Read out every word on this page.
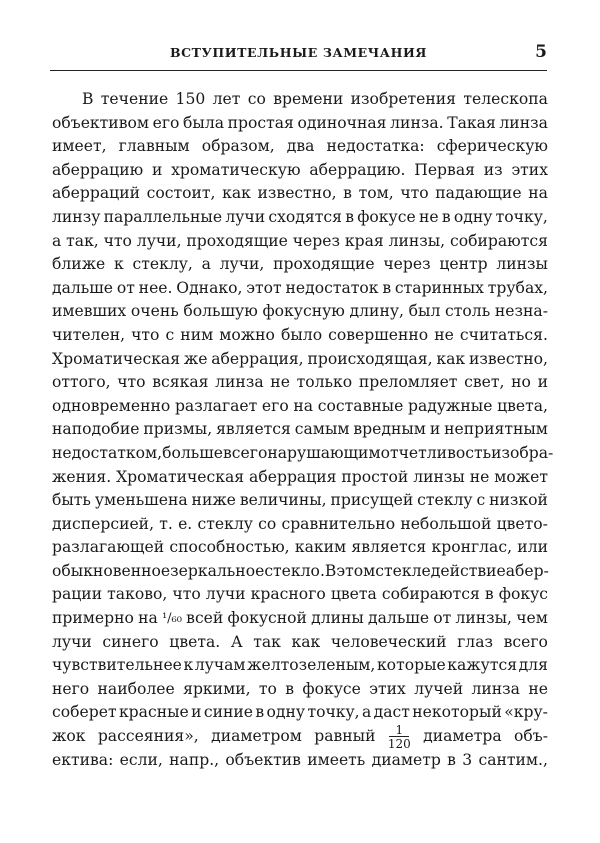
ВСТУПИТЕЛЬНЫЕ ЗАМЕЧАНИЯ	5
В течение 150 лет со времени изобретения телескопа
объективом его была простая одиночная линза. Такая линза
имеет, главным образом, два недостатка: сферическую
аберрацию и хроматическую аберрацию. Первая из этих
аберраций состоит, как известно, в том, что падающие на
линзу параллельные лучи сходятся в фокусе не в одну точку,
а так, что лучи, проходящие через края линзы, собираются
ближе к стеклу, а лучи, проходящие через центр линзы
дальше от нее. Однако, этот недостаток в старинных трубах,
имевших очень большую фокусную длину, был столь незна-
чителен, что с ним можно было совершенно не считаться.
Хроматическая же аберрация, происходящая, как известно,
оттого, что всякая линза не только преломляет свет, но и
одновременно разлагает его на составные радужные цвета,
наподобие призмы, является самым вредным и неприятным
недостатком, больше всего нарушающим отчетливость изобра-
жения. Хроматическая аберрация простой линзы не может
быть уменьшена ниже величины, присущей стеклу с низкой
дисперсией, т. е. стеклу со сравнительно небольшой цвето-
разлагающей способностью, каким является кронглас, или
обыкновенное зеркальное стекло. В этом стекле действие абер-
рации таково, что лучи красного цвета собираются в фокус
примерно на ¹/₆₀ всей фокусной длины дальше от линзы, чем
лучи синего цвета. А так как человеческий глаз всего
чувствительнее к лучам желтозеленым, которые кажутся для
него наиболее яркими, то в фокусе этих лучей линза не
соберет красные и синие в одну точку, а даст некоторый «кру-
жок рассеяния», диаметром равный $\frac{1}{120}$ диаметра объ-
ектива: если, напр., объектив имееть диаметр в 3 сантим.,
